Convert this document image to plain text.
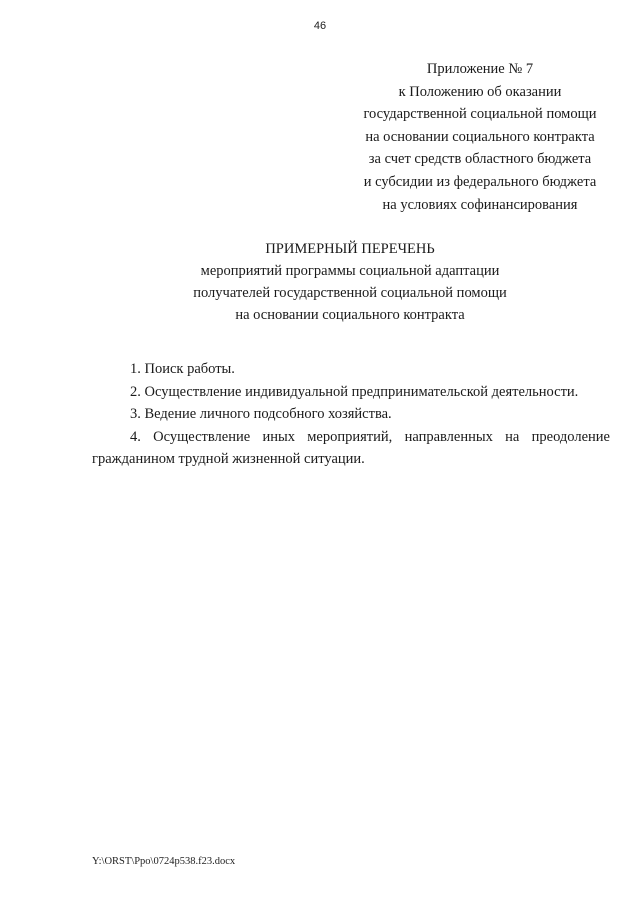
46
Приложение № 7
к Положению об оказании
государственной социальной помощи
на основании социального контракта
за счет средств областного бюджета
и субсидии из федерального бюджета
на условиях софинансирования
ПРИМЕРНЫЙ ПЕРЕЧЕНЬ
мероприятий программы социальной адаптации
получателей государственной социальной помощи
на основании социального контракта
1. Поиск работы.
2. Осуществление индивидуальной предпринимательской деятельности.
3. Ведение личного подсобного хозяйства.
4. Осуществление иных мероприятий, направленных на преодоление гражданином трудной жизненной ситуации.
Y:\ORST\Ppo\0724p538.f23.docx
